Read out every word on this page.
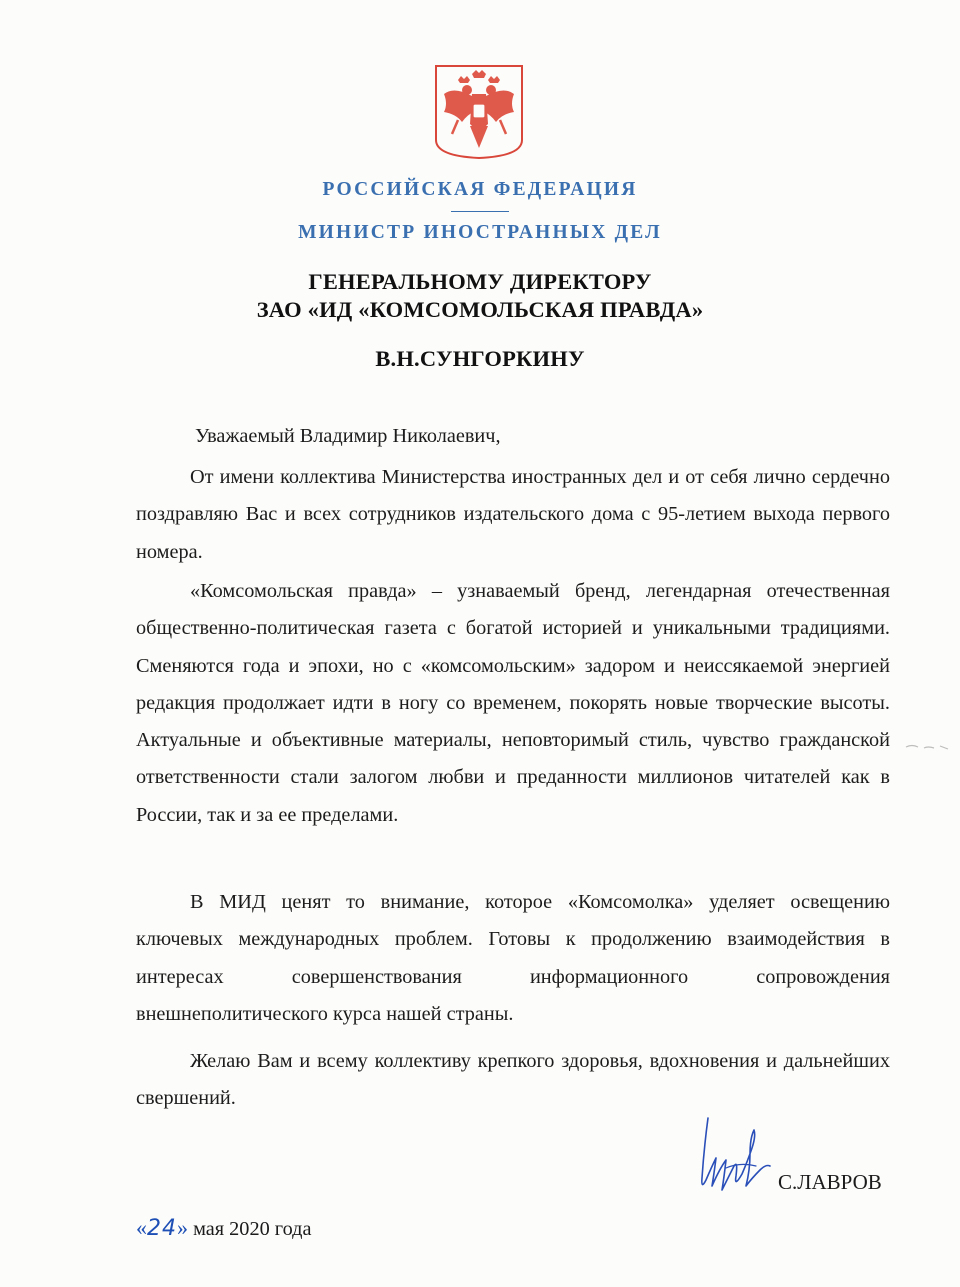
РОССИЙСКАЯ ФЕДЕРАЦИЯ
МИНИСТР ИНОСТРАННЫХ ДЕЛ
ГЕНЕРАЛЬНОМУ ДИРЕКТОРУ
ЗАО «ИД «КОМСОМОЛЬСКАЯ ПРАВДА»
В.Н.СУНГОРКИНУ
Уважаемый Владимир Николаевич,

От имени коллектива Министерства иностранных дел и от себя лично сердечно поздравляю Вас и всех сотрудников издательского дома с 95-летием выхода первого номера.

«Комсомольская правда» – узнаваемый бренд, легендарная отечественная общественно-политическая газета с богатой историей и уникальными традициями. Сменяются года и эпохи, но с «комсомольским» задором и неиссякаемой энергией редакция продолжает идти в ногу со временем, покорять новые творческие высоты. Актуальные и объективные материалы, неповторимый стиль, чувство гражданской ответственности стали залогом любви и преданности миллионов читателей как в России, так и за ее пределами.

В МИД ценят то внимание, которое «Комсомолка» уделяет освещению ключевых международных проблем. Готовы к продолжению взаимодействия в интересах совершенствования информационного сопровождения внешнеполитического курса нашей страны.

Желаю Вам и всему коллективу крепкого здоровья, вдохновения и дальнейших свершений.

С.ЛАВРОВ
«24» мая 2020 года
